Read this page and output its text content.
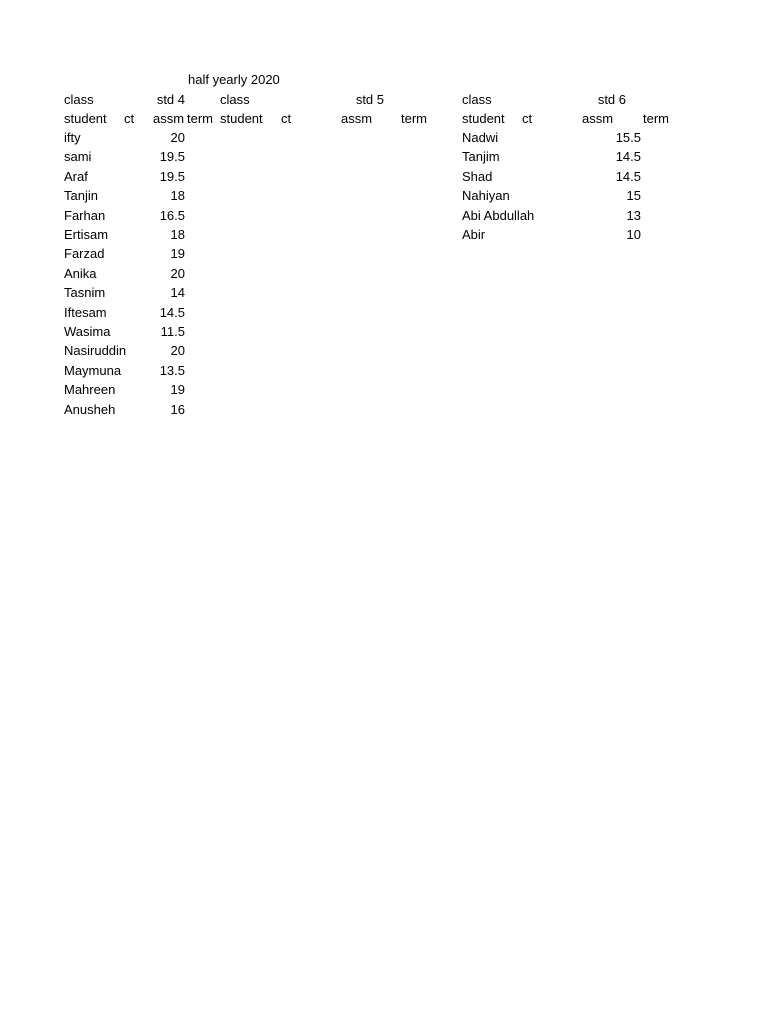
half yearly 2020
class	std 4
student ct assm term
ifty	20
sami	19.5
Araf	19.5
Tanjin	18
Farhan	16.5
Ertisam	18
Farzad	19
Anika	20
Tasnim	14
Iftesam	14.5
Wasima	11.5
Nasiruddin	20
Maymuna	13.5
Mahreen	19
Anusheh	16
class	std 5
student ct	assm term
class	std 6
student ct	assm term
Nadwi	15.5
Tanjim	14.5
Shad	14.5
Nahiyan	15
Abi Abdullah	13
Abir	10
